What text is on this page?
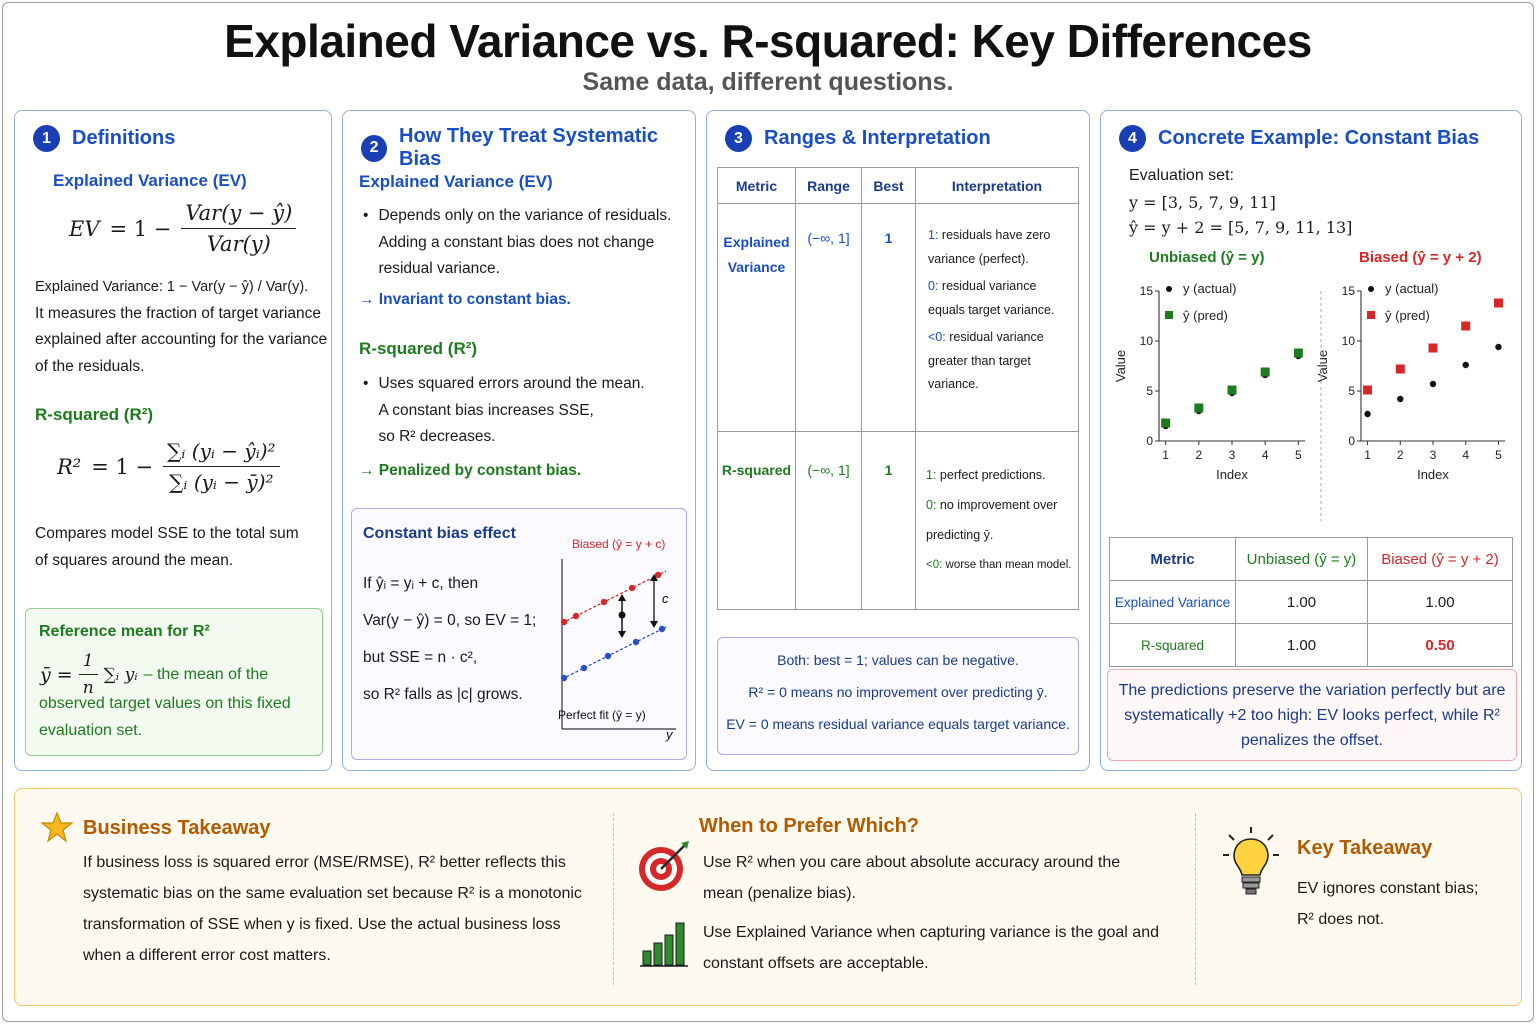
Explained Variance vs. R-squared: Key Differences
Same data, different questions.
1	Definitions
Explained Variance (EV)
EV = $1 - \frac{\text{Var(y − ŷ)}}{\text{Var(y)}}$
Explained Variance: 1 − Var(y − ŷ) / Var(y).
It measures the fraction of target variance explained after accounting for the variance of the residuals.
R-squared (R²)
$R^2 = 1 - \frac{\text{∑ᵢ (yᵢ − ŷᵢ)²}}{\text{∑ᵢ (yᵢ − ȳ)²}}$
Compares model SSE to the total sum of squares around the mean.
Reference mean for R²
ȳ = $\frac{1}{n}$ ∑ᵢ yᵢ – the mean of the
observed target values on this fixed evaluation set.
2
How They Treat Systematic Bias
Explained Variance (EV)
• Depends only on the variance of residuals. Adding a constant bias does not change residual variance.
→ Invariant to constant bias.
R-squared (R²)
• Uses squared errors around the mean.
A constant bias increases SSE,
so R² decreases.
→ Penalized by constant bias.
Constant bias effect
If ŷᵢ = yᵢ + c, then
Var(y − ŷ) = 0, so EV = 1;
but SSE = n · c²,
so R² falls as |c| grows.
Biased (ŷ = y + c)
c
Perfect fit (ŷ = y)
y
3	Ranges & Interpretation
Metric	Range	Best	Interpretation
Explained Variance	(−∞, 1]	1	1: residuals have zero variance (perfect).
0: residual variance equals target variance.
<0: residual variance greater than target variance.

R-squared	(−∞, 1]	1	1: perfect predictions.
0: no improvement over predicting ȳ.
<0: worse than mean model.
Both: best = 1; values can be negative.
R² = 0 means no improvement over predicting ȳ.
EV = 0 means residual variance equals target variance.
4	Concrete Example: Constant Bias
Evaluation set:
y = [3, 5, 7, 9, 11]
ŷ = y + 2 = [5, 7, 9, 11, 13]
Unbiased (ŷ = y)
y (actual)
ŷ (pred)
0
5
10
15
1 2 3 4 5
Index
Value
Biased (ŷ = y + 2)
y (actual)
ŷ (pred)
0
5
10
15
1 2 3 4 5
Index
Value
Metric	Unbiased (ŷ = y)	Biased (ŷ = y + 2)
Explained Variance	1.00	1.00
R-squared	1.00	0.50
The predictions preserve the variation perfectly but are systematically +2 too high: EV looks perfect, while R² penalizes the offset.
Business Takeaway
If business loss is squared error (MSE/RMSE), R² better reflects this systematic bias on the same evaluation set because R² is a monotonic transformation of SSE when y is fixed. Use the actual business loss when a different error cost matters.
When to Prefer Which?
Use R² when you care about absolute accuracy around the mean (penalize bias).
Use Explained Variance when capturing variance is the goal and constant offsets are acceptable.
Key Takeaway
EV ignores constant bias;
R² does not.
